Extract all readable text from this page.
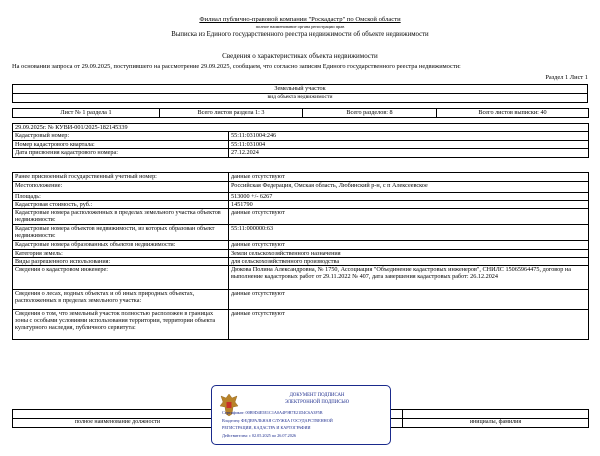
Филиал публично-правовой компании "Роскадастр" по Омской области
полное наименование органа регистрации прав
Выписка из Единого государственного реестра недвижимости об объекте недвижимости
Сведения о характеристиках объекта недвижимости
На основании запроса от 29.09.2025, поступившего на рассмотрение 29.09.2025, сообщаем, что согласно записям Единого государственного реестра недвижимости:
Раздел 1 Лист 1
Земельный участок
вид объекта недвижимости
Лист № 1 раздела 1	Всего листов раздела 1: 3	Всего разделов: 8	Всего листов выписки: 40
29.09.2025г. № КУВИ-001/2025-182145339	
Кадастровый номер:	55:11:031004:246
Номер кадастрового квартала:	55:11:031004
Дата присвоения кадастрового номера:	27.12.2024
Ранее присвоенный государственный учетный номер:	данные отсутствуют
Местоположение:	Российская Федерация, Омская область, Любинский р-н, с п Алексеевское
Площадь:	513000 +/- 6267
Кадастровая стоимость, руб.:	1451790
Кадастровые номера расположенных в пределах земельного участка объектов недвижимости:	данные отсутствуют
Кадастровые номера объектов недвижимости, из которых образован объект недвижимости:	55:11:000000:63
Кадастровые номера образованных объектов недвижимости:	данные отсутствуют
Категория земель:	Земли сельскохозяйственного назначения
Виды разрешенного использования:	для сельскохозяйственного производства
Сведения о кадастровом инженере:	Дюкова Полина Александровна, № 1750, Ассоциация "Объединение кадастровых инженеров", СНИЛС 15065964475, договор на выполнение кадастровых работ от 29.11.2022 № 407, дата завершения кадастровых работ: 26.12.2024
Сведения о лесах, водных объектах и об иных природных объектах, расположенных в пределах земельного участка:	данные отсутствуют
Сведения о том, что земельный участок полностью расположен в границах зоны с особыми условиями использования территории, территории объекта культурного наследия, публичного сервитута:	данные отсутствуют

полное наименование должности		инициалы, фамилия
ДОКУМЕНТ ПОДПИСАН
ЭЛЕКТРОННОЙ ПОДПИСЬЮ
Сертификат: 00B9D4E5E1C1A0A4F9B7E21D4C6A3F5B
Владелец: ФЕДЕРАЛЬНАЯ СЛУЖБА ГОСУДАРСТВЕННОЙ
РЕГИСТРАЦИИ, КАДАСТРА И КАРТОГРАФИИ
Действителен: с 02.05.2025 по 26.07.2026
